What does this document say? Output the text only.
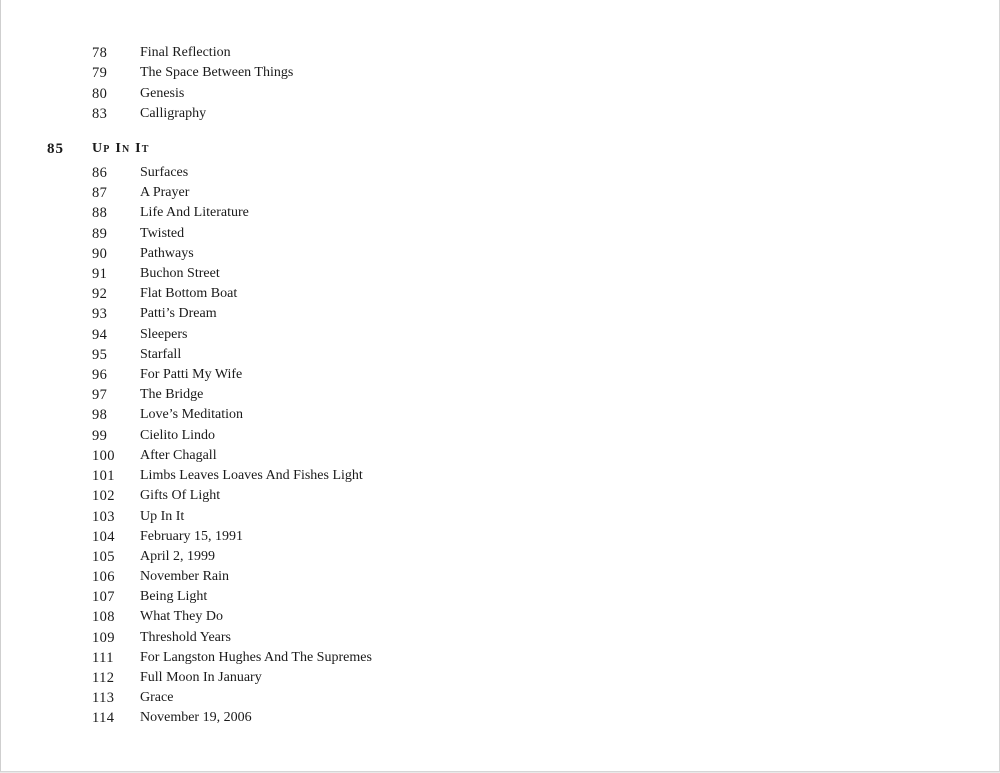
78	Final Reflection
79	The Space Between Things
80	Genesis
83	Calligraphy
85 Up In It
86	Surfaces
87	A Prayer
88	Life And Literature
89	Twisted
90	Pathways
91	Buchon Street
92	Flat Bottom Boat
93	Patti’s Dream
94	Sleepers
95	Starfall
96	For Patti My Wife
97	The Bridge
98	Love’s Meditation
99	Cielito Lindo
100	After Chagall
101	Limbs Leaves Loaves And Fishes Light
102	Gifts Of Light
103	Up In It
104	February 15, 1991
105	April 2, 1999
106	November Rain
107	Being Light
108	What They Do
109	Threshold Years
111	For Langston Hughes And The Supremes
112	Full Moon In January
113	Grace
114	November 19, 2006
